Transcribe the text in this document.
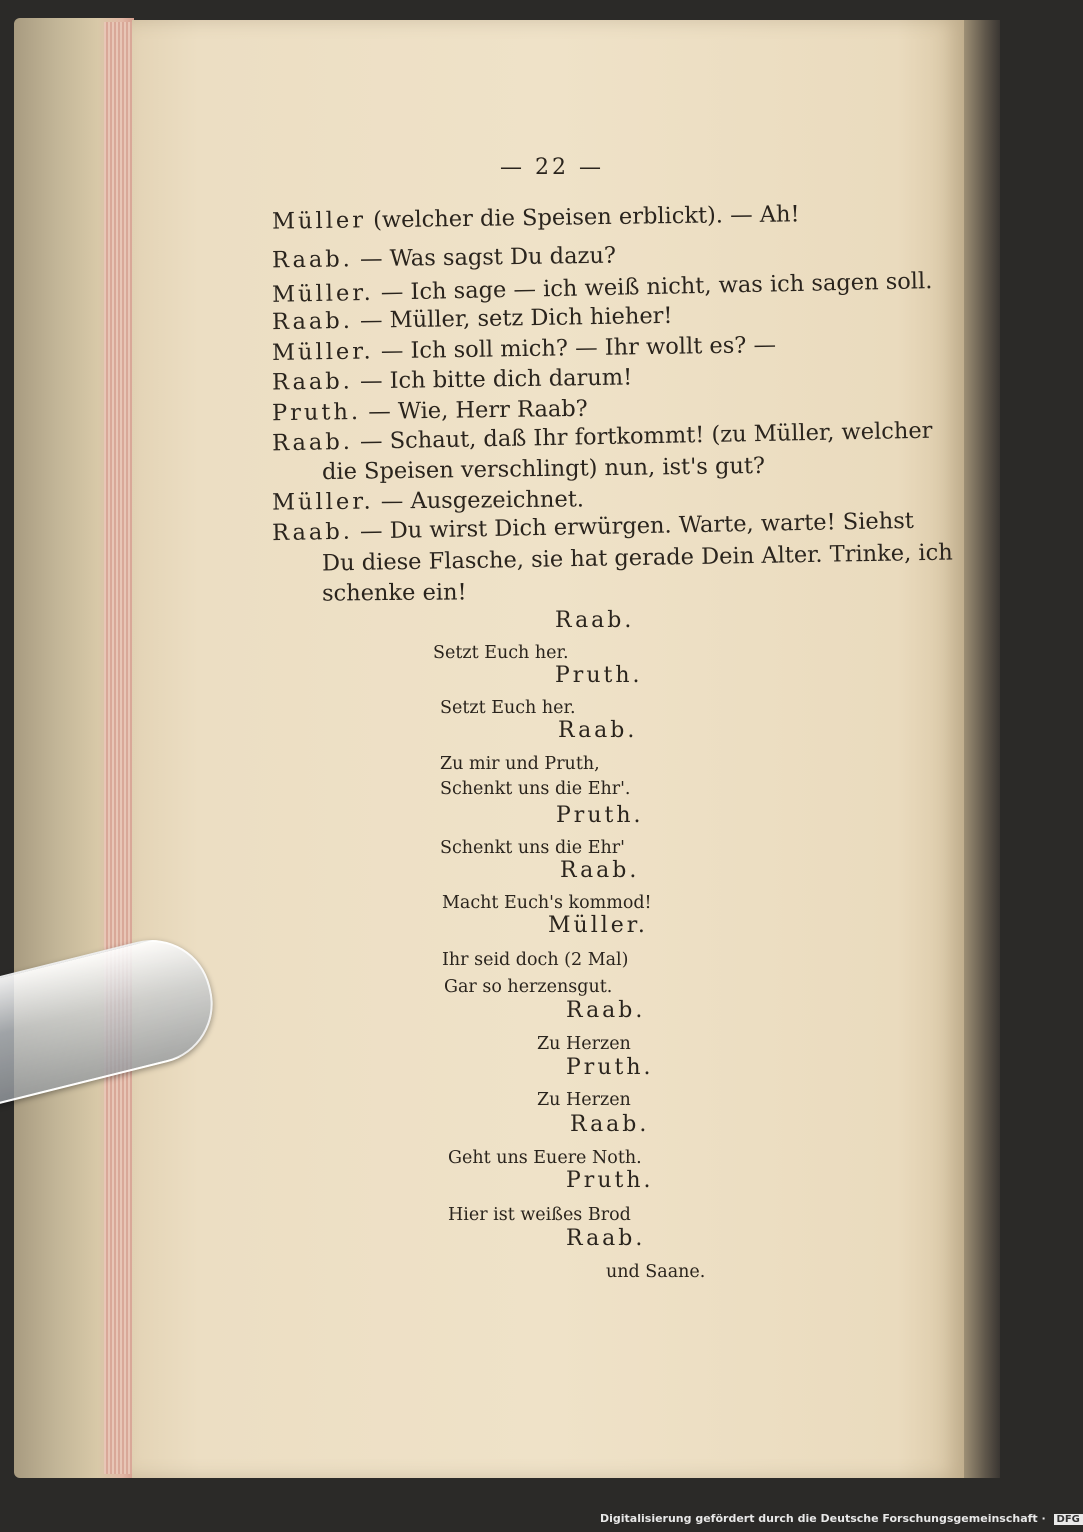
— 22 —
Müller (welcher die Speisen erblickt). — Ah!
Raab. — Was sagst Du dazu?
Müller. — Ich sage — ich weiß nicht, was ich sagen soll.
Raab. — Müller, setz Dich hieher!
Müller. — Ich soll mich? — Ihr wollt es? —
Raab. — Ich bitte dich darum!
Pruth. — Wie, Herr Raab?
Raab. — Schaut, daß Ihr fortkommt! (zu Müller, welcher
die Speisen verschlingt) nun, ist's gut?
Müller. — Ausgezeichnet.
Raab. — Du wirst Dich erwürgen. Warte, warte! Siehst
Du diese Flasche, sie hat gerade Dein Alter. Trinke, ich
schenke ein!
Raab.
Setzt Euch her.
Pruth.
Setzt Euch her.
Raab.
Zu mir und Pruth,
Schenkt uns die Ehr'.
Pruth.
Schenkt uns die Ehr'
Raab.
Macht Euch's kommod!
Müller.
Ihr seid doch (2 Mal)
Gar so herzensgut.
Raab.
Zu Herzen
Pruth.
Zu Herzen
Raab.
Geht uns Euere Noth.
Pruth.
Hier ist weißes Brod
Raab.
und Saane.
Digitalisierung gefördert durch die Deutsche Forschungsgemeinschaft · DFG
